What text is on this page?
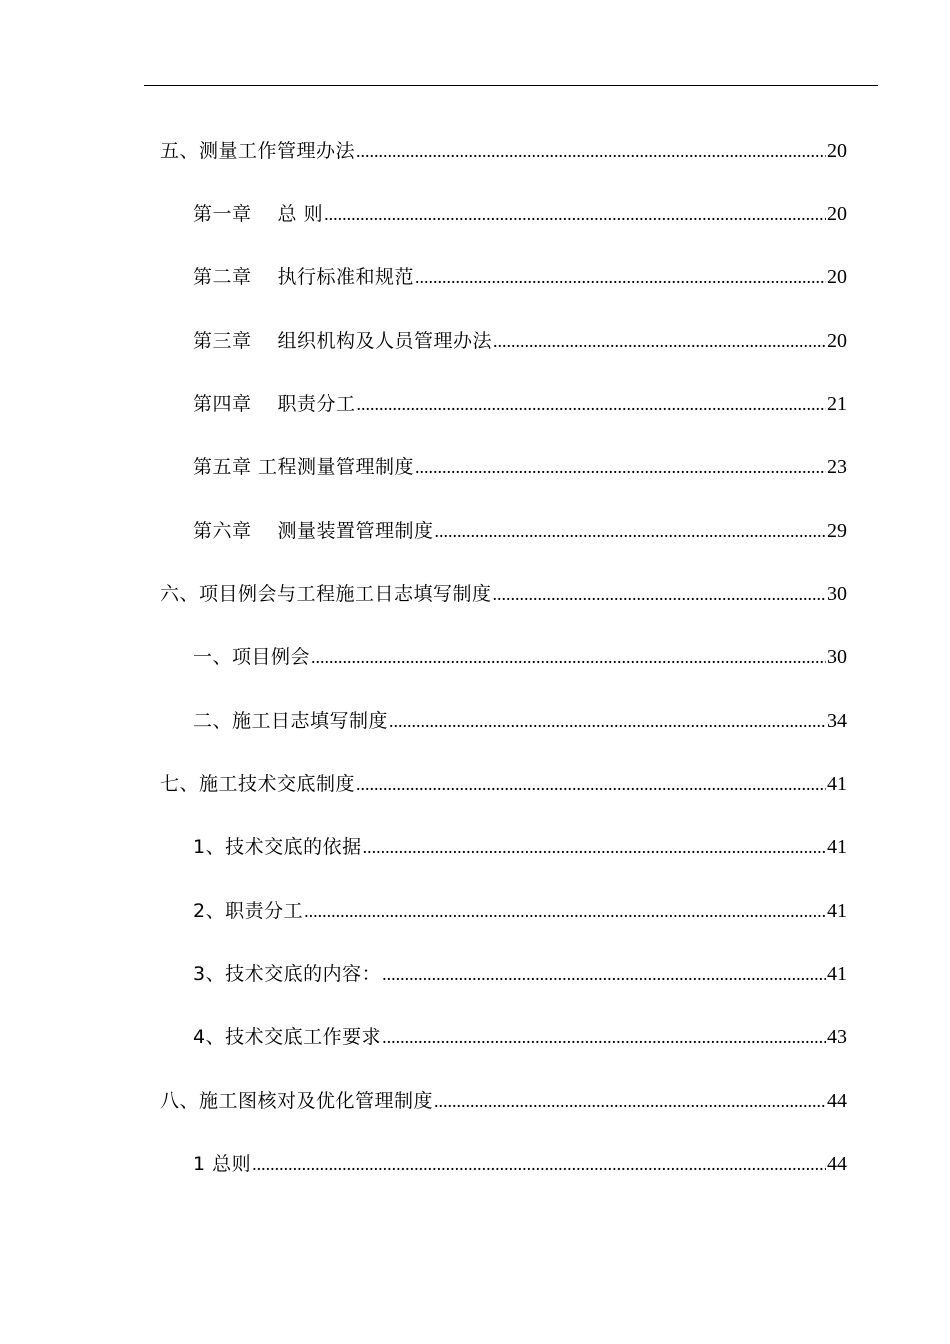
五、测量工作管理办法 .....	20
第一章　 总 则 .....	20
第二章　 执行标准和规范 .....	20
第三章　 组织机构及人员管理办法 .....	20
第四章　 职责分工 .....	21
第五章 工程测量管理制度 .....	23
第六章　 测量装置管理制度 .....	29
六、项目例会与工程施工日志填写制度 .....	30
一、项目例会 .....	30
二、施工日志填写制度 .....	34
七、施工技术交底制度 .....	41
1、技术交底的依据 .....	41
2、职责分工 .....	41
3、技术交底的内容： .....	41
4、技术交底工作要求 .....	43
八、施工图核对及优化管理制度 .....	44
1 总则 .....	44
